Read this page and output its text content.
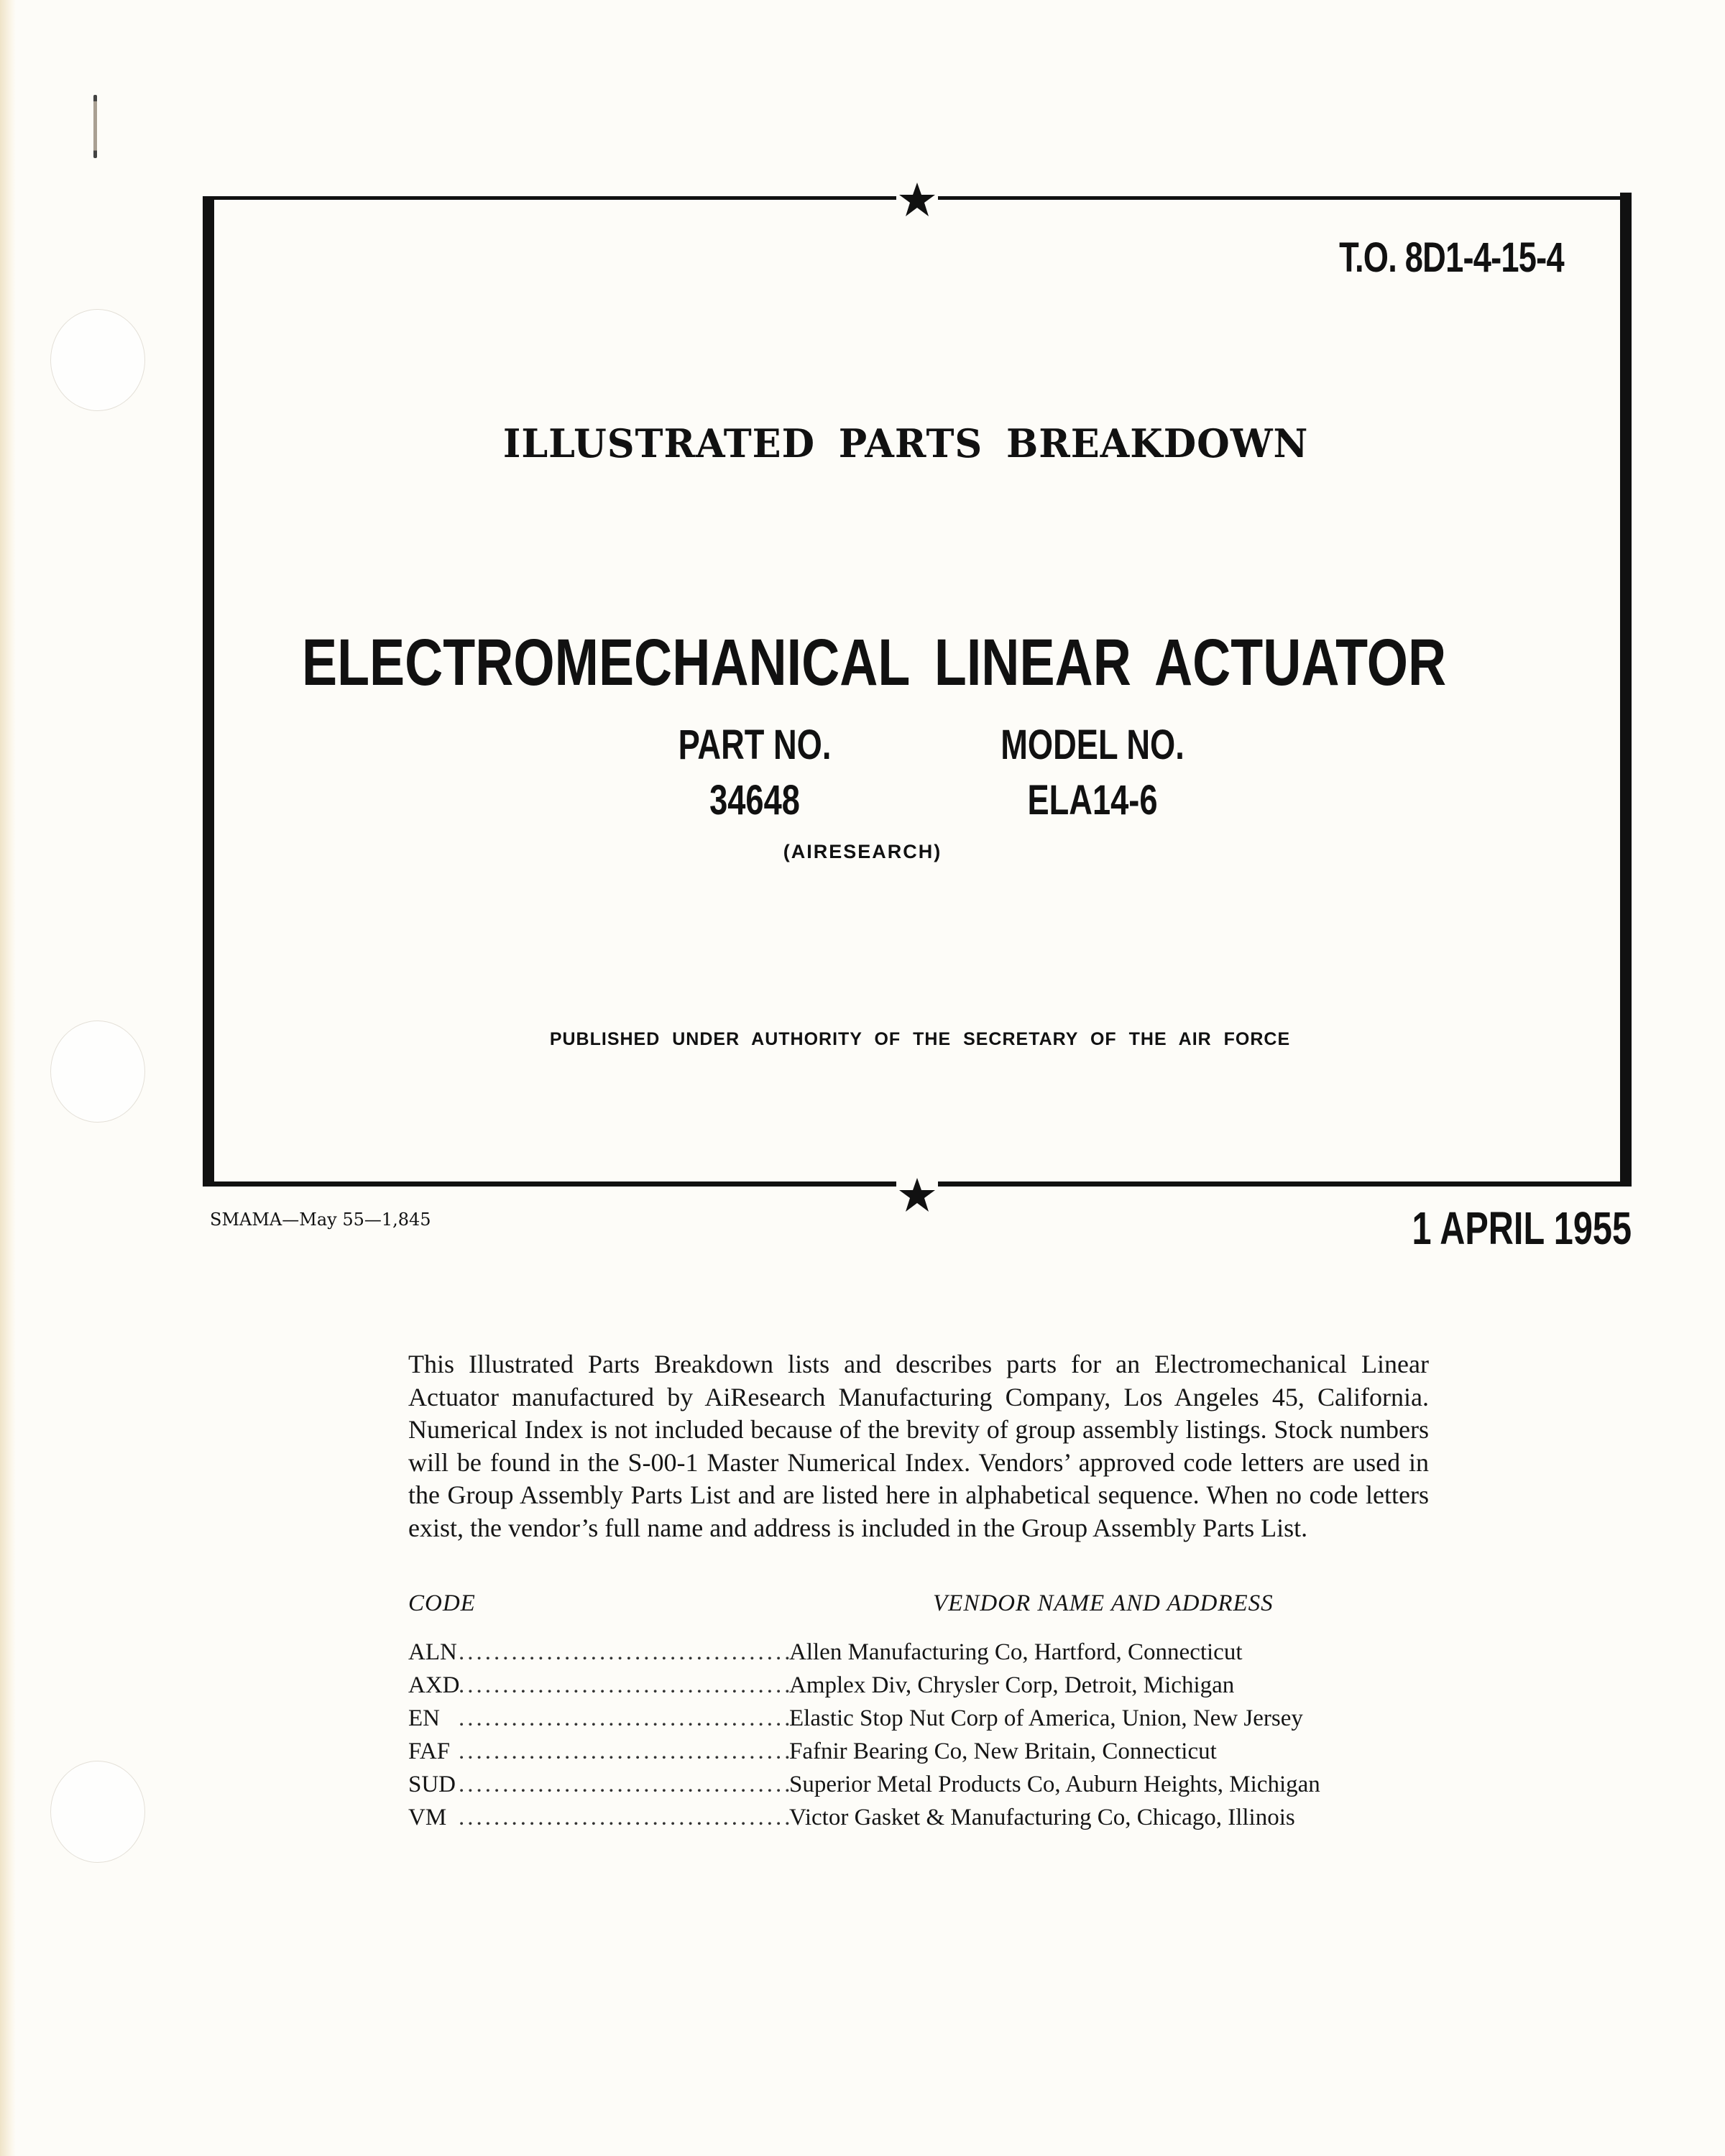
T.O. 8D1-4-15-4
ILLUSTRATED PARTS BREAKDOWN
ELECTROMECHANICAL LINEAR ACTUATOR
PART NO.
34648
MODEL NO.
ELA14-6
(AIRESEARCH)
PUBLISHED UNDER AUTHORITY OF THE SECRETARY OF THE AIR FORCE
SMAMA—May 55—1,845	1 APRIL 1955

This Illustrated Parts Breakdown lists and describes parts for an Electromechanical Linear Actuator manufactured by AiResearch Manufacturing Company, Los Angeles 45, California. Numerical Index is not included because of the brevity of group assembly listings. Stock numbers will be found in the S-00-1 Master Numerical Index. Vendors’ approved code letters are used in the Group Assembly Parts List and are listed here in alphabetical sequence. When no code letters exist, the vendor’s full name and address is included in the Group Assembly Parts List.

CODE	VENDOR NAME AND ADDRESS
ALN .....	Allen Manufacturing Co, Hartford, Connecticut
AXD .....	Amplex Div, Chrysler Corp, Detroit, Michigan
EN .....	Elastic Stop Nut Corp of America, Union, New Jersey
FAF .....	Fafnir Bearing Co, New Britain, Connecticut
SUD .....	Superior Metal Products Co, Auburn Heights, Michigan
VM .....	Victor Gasket & Manufacturing Co, Chicago, Illinois
